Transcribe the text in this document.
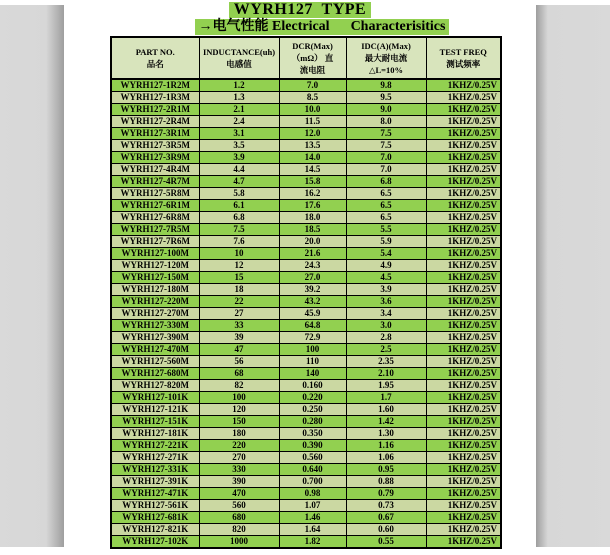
WYRH127  TYPE
→电气性能 Electrical      Characterisitics
PART NO.
品名

INDUCTANCE(uh)
电感值

DCR(Max)
（mΩ） 直
流电阻

IDC(A)(Max)
最大耐电流
△L=10%

TEST FREQ
测试频率

WYRH127-1R2M	1.2	7.0	9.8	1KHZ/0.25V
WYRH127-1R3M	1.3	8.5	9.5	1KHZ/0.25V
WYRH127-2R1M	2.1	10.0	9.0	1KHZ/0.25V
WYRH127-2R4M	2.4	11.5	8.0	1KHZ/0.25V
WYRH127-3R1M	3.1	12.0	7.5	1KHZ/0.25V
WYRH127-3R5M	3.5	13.5	7.5	1KHZ/0.25V
WYRH127-3R9M	3.9	14.0	7.0	1KHZ/0.25V
WYRH127-4R4M	4.4	14.5	7.0	1KHZ/0.25V
WYRH127-4R7M	4.7	15.8	6.8	1KHZ/0.25V
WYRH127-5R8M	5.8	16.2	6.5	1KHZ/0.25V
WYRH127-6R1M	6.1	17.6	6.5	1KHZ/0.25V
WYRH127-6R8M	6.8	18.0	6.5	1KHZ/0.25V
WYRH127-7R5M	7.5	18.5	5.5	1KHZ/0.25V
WYRH127-7R6M	7.6	20.0	5.9	1KHZ/0.25V
WYRH127-100M	10	21.6	5.4	1KHZ/0.25V
WYRH127-120M	12	24.3	4.9	1KHZ/0.25V
WYRH127-150M	15	27.0	4.5	1KHZ/0.25V
WYRH127-180M	18	39.2	3.9	1KHZ/0.25V
WYRH127-220M	22	43.2	3.6	1KHZ/0.25V
WYRH127-270M	27	45.9	3.4	1KHZ/0.25V
WYRH127-330M	33	64.8	3.0	1KHZ/0.25V
WYRH127-390M	39	72.9	2.8	1KHZ/0.25V
WYRH127-470M	47	100	2.5	1KHZ/0.25V
WYRH127-560M	56	110	2.35	1KHZ/0.25V
WYRH127-680M	68	140	2.10	1KHZ/0.25V
WYRH127-820M	82	0.160	1.95	1KHZ/0.25V
WYRH127-101K	100	0.220	1.7	1KHZ/0.25V
WYRH127-121K	120	0.250	1.60	1KHZ/0.25V
WYRH127-151K	150	0.280	1.42	1KHZ/0.25V
WYRH127-181K	180	0.350	1.30	1KHZ/0.25V
WYRH127-221K	220	0.390	1.16	1KHZ/0.25V
WYRH127-271K	270	0.560	1.06	1KHZ/0.25V
WYRH127-331K	330	0.640	0.95	1KHZ/0.25V
WYRH127-391K	390	0.700	0.88	1KHZ/0.25V
WYRH127-471K	470	0.98	0.79	1KHZ/0.25V
WYRH127-561K	560	1.07	0.73	1KHZ/0.25V
WYRH127-681K	680	1.46	0.67	1KHZ/0.25V
WYRH127-821K	820	1.64	0.60	1KHZ/0.25V
WYRH127-102K	1000	1.82	0.55	1KHZ/0.25V
